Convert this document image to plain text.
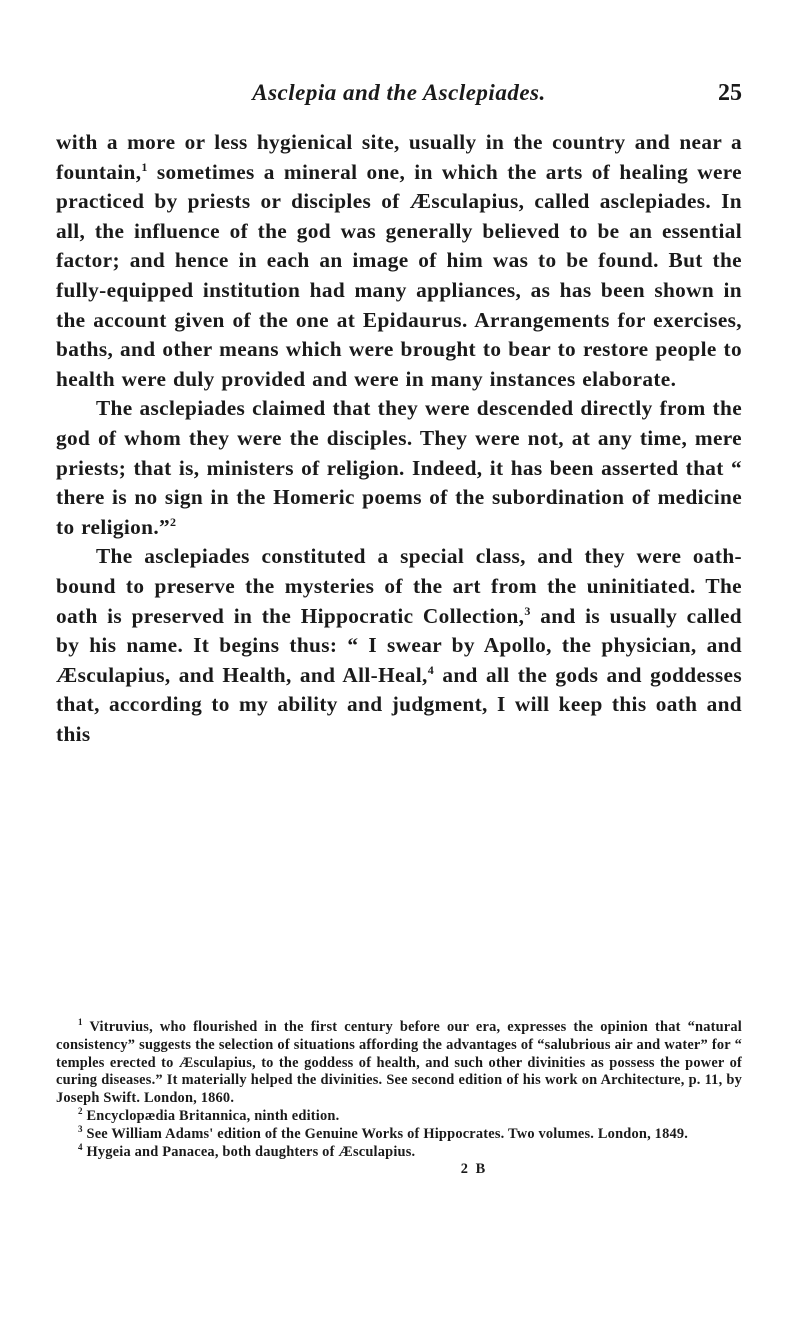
Asclepia and the Asclepiades.	25

with a more or less hygienical site, usually in the country and near a fountain,$^1$ sometimes a mineral one, in which the arts of healing were practiced by priests or disciples of Æsculapius, called asclepiades. In all, the influence of the god was generally believed to be an essential factor; and hence in each an image of him was to be found. But the fully-equipped institution had many appliances, as has been shown in the account given of the one at Epidaurus. Arrangements for exercises, baths, and other means which were brought to bear to restore people to health were duly provided and were in many instances elaborate.

The asclepiades claimed that they were descended directly from the god of whom they were the disciples. They were not, at any time, mere priests; that is, ministers of religion. Indeed, it has been asserted that “ there is no sign in the Homeric poems of the subordination of medicine to religion.”$^2$

The asclepiades constituted a special class, and they were oath-bound to preserve the mysteries of the art from the uninitiated. The oath is preserved in the Hippocratic Collection,$^3$ and is usually called by his name. It begins thus: “ I swear by Apollo, the physician, and Æsculapius, and Health, and All-Heal,$^4$ and all the gods and goddesses that, according to my ability and judgment, I will keep this oath and this

$^1$ Vitruvius, who flourished in the first century before our era, expresses the opinion that “natural consistency” suggests the selection of situations affording the advantages of “salubrious air and water” for “ temples erected to Æsculapius, to the goddess of health, and such other divinities as possess the power of curing diseases.” It materially helped the divinities. See second edition of his work on Architecture, p. 11, by Joseph Swift. London, 1860.

$^2$ Encyclopædia Britannica, ninth edition.

$^3$ See William Adams' edition of the Genuine Works of Hippocrates. Two volumes. London, 1849.

$^4$ Hygeia and Panacea, both daughters of Æsculapius.

2 B
